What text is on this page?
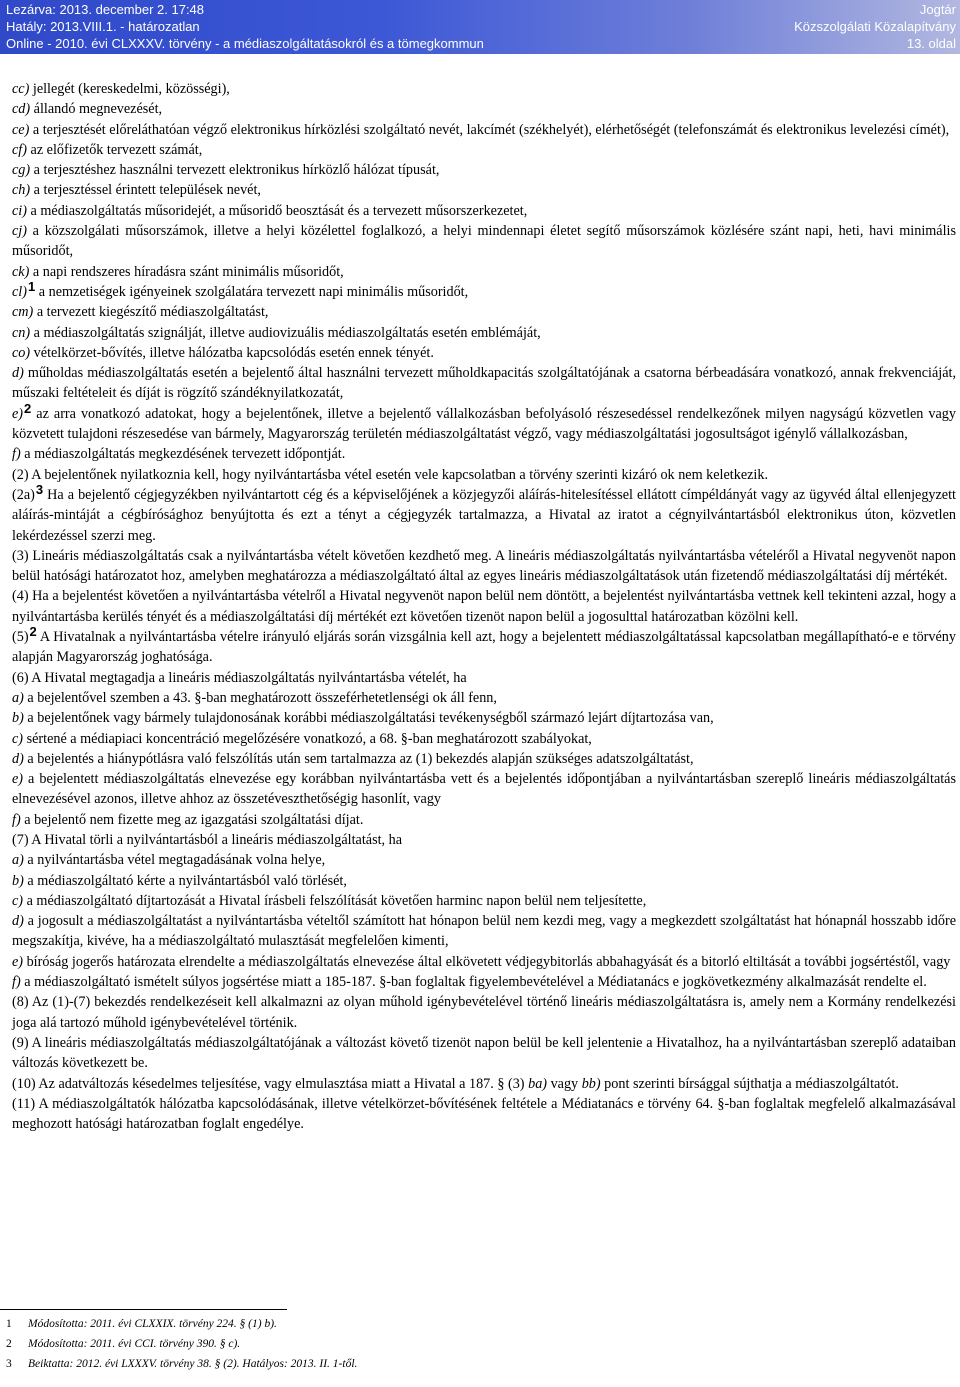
Lezárva: 2013. december 2. 17:48
Hatály: 2013.VIII.1. - határozatlan
Online - 2010. évi CLXXXV. törvény - a médiaszolgáltatásokról és a tömegkommun
Jogtár
Közszolgálati Közalapítvány
13. oldal

cc) jellegét (kereskedelmi, közösségi),

cd) állandó megnevezését,

ce) a terjesztését előreláthatóan végző elektronikus hírközlési szolgáltató nevét, lakcímét (székhelyét), elérhetőségét (telefonszámát és elektronikus levelezési címét),

cf) az előfizetők tervezett számát,

cg) a terjesztéshez használni tervezett elektronikus hírközlő hálózat típusát,

ch) a terjesztéssel érintett települések nevét,

ci) a médiaszolgáltatás műsoridejét, a műsoridő beosztását és a tervezett műsorszerkezetet,

cj) a közszolgálati műsorszámok, illetve a helyi közélettel foglalkozó, a helyi mindennapi életet segítő műsorszámok közlésére szánt napi, heti, havi minimális műsoridőt,

ck) a napi rendszeres híradásra szánt minimális műsoridőt,

cl)$^1$ a nemzetiségek igényeinek szolgálatára tervezett napi minimális műsoridőt,

cm) a tervezett kiegészítő médiaszolgáltatást,

cn) a médiaszolgáltatás szignálját, illetve audiovizuális médiaszolgáltatás esetén emblémáját,

co) vételkörzet-bővítés, illetve hálózatba kapcsolódás esetén ennek tényét.

d) műholdas médiaszolgáltatás esetén a bejelentő által használni tervezett műholdkapacitás szolgáltatójának a csatorna bérbeadására vonatkozó, annak frekvenciáját, műszaki feltételeit és díját is rögzítő szándéknyilatkozatát,

e)$^2$ az arra vonatkozó adatokat, hogy a bejelentőnek, illetve a bejelentő vállalkozásban befolyásoló részesedéssel rendelkezőnek milyen nagyságú közvetlen vagy közvetett tulajdoni részesedése van bármely, Magyarország területén médiaszolgáltatást végző, vagy médiaszolgáltatási jogosultságot igénylő vállalkozásban,

f) a médiaszolgáltatás megkezdésének tervezett időpontját.

(2) A bejelentőnek nyilatkoznia kell, hogy nyilvántartásba vétel esetén vele kapcsolatban a törvény szerinti kizáró ok nem keletkezik.

(2a)$^3$ Ha a bejelentő cégjegyzékben nyilvántartott cég és a képviselőjének a közjegyzői aláírás-hitelesítéssel ellátott címpéldányát vagy az ügyvéd által ellenjegyzett aláírás-mintáját a cégbírósághoz benyújtotta és ezt a tényt a cégjegyzék tartalmazza, a Hivatal az iratot a cégnyilvántartásból elektronikus úton, közvetlen lekérdezéssel szerzi meg.

(3) Lineáris médiaszolgáltatás csak a nyilvántartásba vételt követően kezdhető meg. A lineáris médiaszolgáltatás nyilvántartásba vételéről a Hivatal negyvenöt napon belül hatósági határozatot hoz, amelyben meghatározza a médiaszolgáltató által az egyes lineáris médiaszolgáltatások után fizetendő médiaszolgáltatási díj mértékét.

(4) Ha a bejelentést követően a nyilvántartásba vételről a Hivatal negyvenöt napon belül nem döntött, a bejelentést nyilvántartásba vettnek kell tekinteni azzal, hogy a nyilvántartásba kerülés tényét és a médiaszolgáltatási díj mértékét ezt követően tizenöt napon belül a jogosulttal határozatban közölni kell.

(5)$^2$ A Hivatalnak a nyilvántartásba vételre irányuló eljárás során vizsgálnia kell azt, hogy a bejelentett médiaszolgáltatással kapcsolatban megállapítható-e e törvény alapján Magyarország joghatósága.

(6) A Hivatal megtagadja a lineáris médiaszolgáltatás nyilvántartásba vételét, ha

a) a bejelentővel szemben a 43. §-ban meghatározott összeférhetetlenségi ok áll fenn,

b) a bejelentőnek vagy bármely tulajdonosának korábbi médiaszolgáltatási tevékenységből származó lejárt díjtartozása van,

c) sértené a médiapiaci koncentráció megelőzésére vonatkozó, a 68. §-ban meghatározott szabályokat,

d) a bejelentés a hiánypótlásra való felszólítás után sem tartalmazza az (1) bekezdés alapján szükséges adatszolgáltatást,

e) a bejelentett médiaszolgáltatás elnevezése egy korábban nyilvántartásba vett és a bejelentés időpontjában a nyilvántartásban szereplő lineáris médiaszolgáltatás elnevezésével azonos, illetve ahhoz az összetéveszthetőségig hasonlít, vagy

f) a bejelentő nem fizette meg az igazgatási szolgáltatási díjat.

(7) A Hivatal törli a nyilvántartásból a lineáris médiaszolgáltatást, ha

a) a nyilvántartásba vétel megtagadásának volna helye,

b) a médiaszolgáltató kérte a nyilvántartásból való törlését,

c) a médiaszolgáltató díjtartozását a Hivatal írásbeli felszólítását követően harminc napon belül nem teljesítette,

d) a jogosult a médiaszolgáltatást a nyilvántartásba vételtől számított hat hónapon belül nem kezdi meg, vagy a megkezdett szolgáltatást hat hónapnál hosszabb időre megszakítja, kivéve, ha a médiaszolgáltató mulasztását megfelelően kimenti,

e) bíróság jogerős határozata elrendelte a médiaszolgáltatás elnevezése által elkövetett védjegybitorlás abbahagyását és a bitorló eltiltását a további jogsértéstől, vagy

f) a médiaszolgáltató ismételt súlyos jogsértése miatt a 185-187. §-ban foglaltak figyelembevételével a Médiatanács e jogkövetkezmény alkalmazását rendelte el.

(8) Az (1)-(7) bekezdés rendelkezéseit kell alkalmazni az olyan műhold igénybevételével történő lineáris médiaszolgáltatásra is, amely nem a Kormány rendelkezési joga alá tartozó műhold igénybevételével történik.

(9) A lineáris médiaszolgáltatás médiaszolgáltatójának a változást követő tizenöt napon belül be kell jelentenie a Hivatalhoz, ha a nyilvántartásban szereplő adataiban változás következett be.

(10) Az adatváltozás késedelmes teljesítése, vagy elmulasztása miatt a Hivatal a 187. § (3) ba) vagy bb) pont szerinti bírsággal sújthatja a médiaszolgáltatót.

(11) A médiaszolgáltatók hálózatba kapcsolódásának, illetve vételkörzet-bővítésének feltétele a Médiatanács e törvény 64. §-ban foglaltak megfelelő alkalmazásával meghozott hatósági határozatban foglalt engedélye.

1 Módosította: 2011. évi CLXXIX. törvény 224. § (1) b).
2 Módosította: 2011. évi CCI. törvény 390. § c).
3 Beiktatta: 2012. évi LXXXV. törvény 38. § (2). Hatályos: 2013. II. 1-től.
